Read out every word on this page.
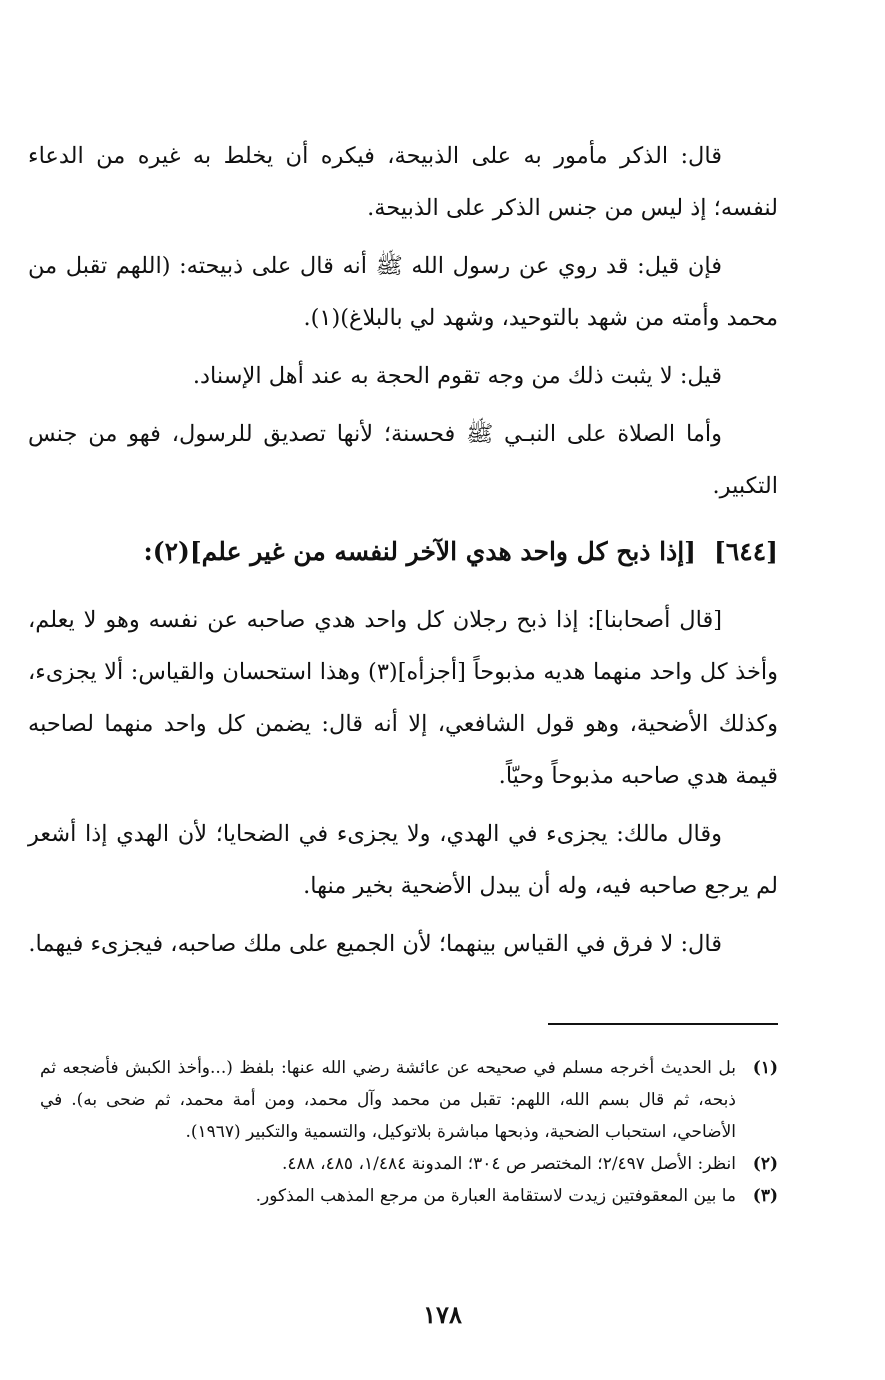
قال: الذكر مأمور به على الذبيحة، فيكره أن يخلط به غيره من الدعاء لنفسه؛ إذ ليس من جنس الذكر على الذبيحة.

فإن قيل: قد روي عن رسول الله ﷺ أنه قال على ذبيحته: (اللهم تقبل من محمد وأمته من شهد بالتوحيد، وشهد لي بالبلاغ)(١).

قيل: لا يثبت ذلك من وجه تقوم الحجة به عند أهل الإسناد.

وأما الصلاة على النبـي ﷺ فحسنة؛ لأنها تصديق للرسول، فهو من جنس التكبير.

[٦٤٤][إذا ذبح كل واحد هدي الآخر لنفسه من غير علم](٢):

[قال أصحابنا]: إذا ذبح رجلان كل واحد هدي صاحبه عن نفسه وهو لا يعلم، وأخذ كل واحد منهما هديه مذبوحاً [أجزأه](٣) وهذا استحسان والقياس: ألا يجزىء، وكذلك الأضحية، وهو قول الشافعي، إلا أنه قال: يضمن كل واحد منهما لصاحبه قيمة هدي صاحبه مذبوحاً وحيّاً.

وقال مالك: يجزىء في الهدي، ولا يجزىء في الضحايا؛ لأن الهدي إذا أشعر لم يرجع صاحبه فيه، وله أن يبدل الأضحية بخير منها.

قال: لا فرق في القياس بينهما؛ لأن الجميع على ملك صاحبه، فيجزىء فيهما.

(١)
بل الحديث أخرجه مسلم في صحيحه عن عائشة رضي الله عنها: بلفظ (...وأخذ الكبش فأضجعه ثم ذبحه، ثم قال بسم الله، اللهم: تقبل من محمد وآل محمد، ومن أمة محمد، ثم ضحى به). في الأضاحي، استحباب الضحية، وذبحها مباشرة بلاتوكيل، والتسمية والتكبير (١٩٦٧).
(٢)
انظر: الأصل ٢/٤٩٧؛ المختصر ص ٣٠٤؛ المدونة ١/٤٨٤، ٤٨٥، ٤٨٨.
(٣)
ما بين المعقوفتين زيدت لاستقامة العبارة من مرجع المذهب المذكور.
١٧٨
